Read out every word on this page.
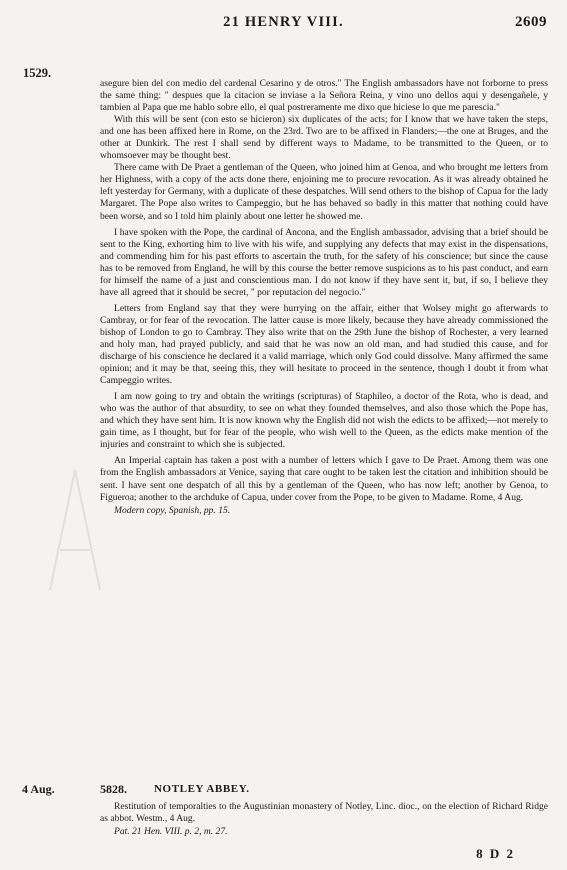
21 HENRY VIII.	2609
1529.

asegure bien del con medio del cardenal Cesarino y de otros." The English ambassadors have not forborne to press the same thing: " despues que la citacion se inviase a la Señora Reina, y vino uno dellos aqui y desengañele, y tambien al Papa que me hablo sobre ello, el qual postreramente me dixo que hiciese lo que me parescia."

With this will be sent (con esto se hicieron) six duplicates of the acts; for I know that we have taken the steps, and one has been affixed here in Rome, on the 23rd. Two are to be affixed in Flanders;—the one at Bruges, and the other at Dunkirk. The rest I shall send by different ways to Madame, to be transmitted to the Queen, or to whomsoever may be thought best.

There came with De Praet a gentleman of the Queen, who joined him at Genoa, and who brought me letters from her Highness, with a copy of the acts done there, enjoining me to procure revocation. As it was already obtained he left yesterday for Germany, with a duplicate of these despatches. Will send others to the bishop of Capua for the lady Margaret. The Pope also writes to Campeggio, but he has behaved so badly in this matter that nothing could have been worse, and so I told him plainly about one letter he showed me.

I have spoken with the Pope, the cardinal of Ancona, and the English ambassador, advising that a brief should be sent to the King, exhorting him to live with his wife, and supplying any defects that may exist in the dispensations, and commending him for his past efforts to ascertain the truth, for the safety of his conscience; but since the cause has to be removed from England, he will by this course the better remove suspicions as to his past conduct, and earn for himself the name of a just and conscientious man. I do not know if they have sent it, but, if so, I believe they have all agreed that it should be secret, " por reputacion del negocio."

Letters from England say that they were hurrying on the affair, either that Wolsey might go afterwards to Cambray, or for fear of the revocation. The latter cause is more likely, because they have already commissioned the bishop of London to go to Cambray. They also write that on the 29th June the bishop of Rochester, a very learned and holy man, had prayed publicly, and said that he was now an old man, and had studied this cause, and for discharge of his conscience he declared it a valid marriage, which only God could dissolve. Many affirmed the same opinion; and it may be that, seeing this, they will hesitate to proceed in the sentence, though I doubt it from what Campeggio writes.

I am now going to try and obtain the writings (scripturas) of Staphileo, a doctor of the Rota, who is dead, and who was the author of that absurdity, to see on what they founded themselves, and also those which the Pope has, and which they have sent him. It is now known why the English did not wish the edicts to be affixed;—not merely to gain time, as I thought, but for fear of the people, who wish well to the Queen, as the edicts make mention of the injuries and constraint to which she is subjected.

An Imperial captain has taken a post with a number of letters which I gave to De Praet. Among them was one from the English ambassadors at Venice, saying that care ought to be taken lest the citation and inhibition should be sent. I have sent one despatch of all this by a gentleman of the Queen, who has now left; another by Genoa, to Figueroa; another to the archduke of Capua, under cover from the Pope, to be given to Madame. Rome, 4 Aug.

Modern copy, Spanish, pp. 15.

4 Aug.	5828. NOTLEY ABBEY.

Restitution of temporalties to the Augustinian monastery of Notley, Linc. dioc., on the election of Richard Ridge as abbot. Westm., 4 Aug.

Pat. 21 Hen. VIII. p. 2, m. 27.

8 D 2
